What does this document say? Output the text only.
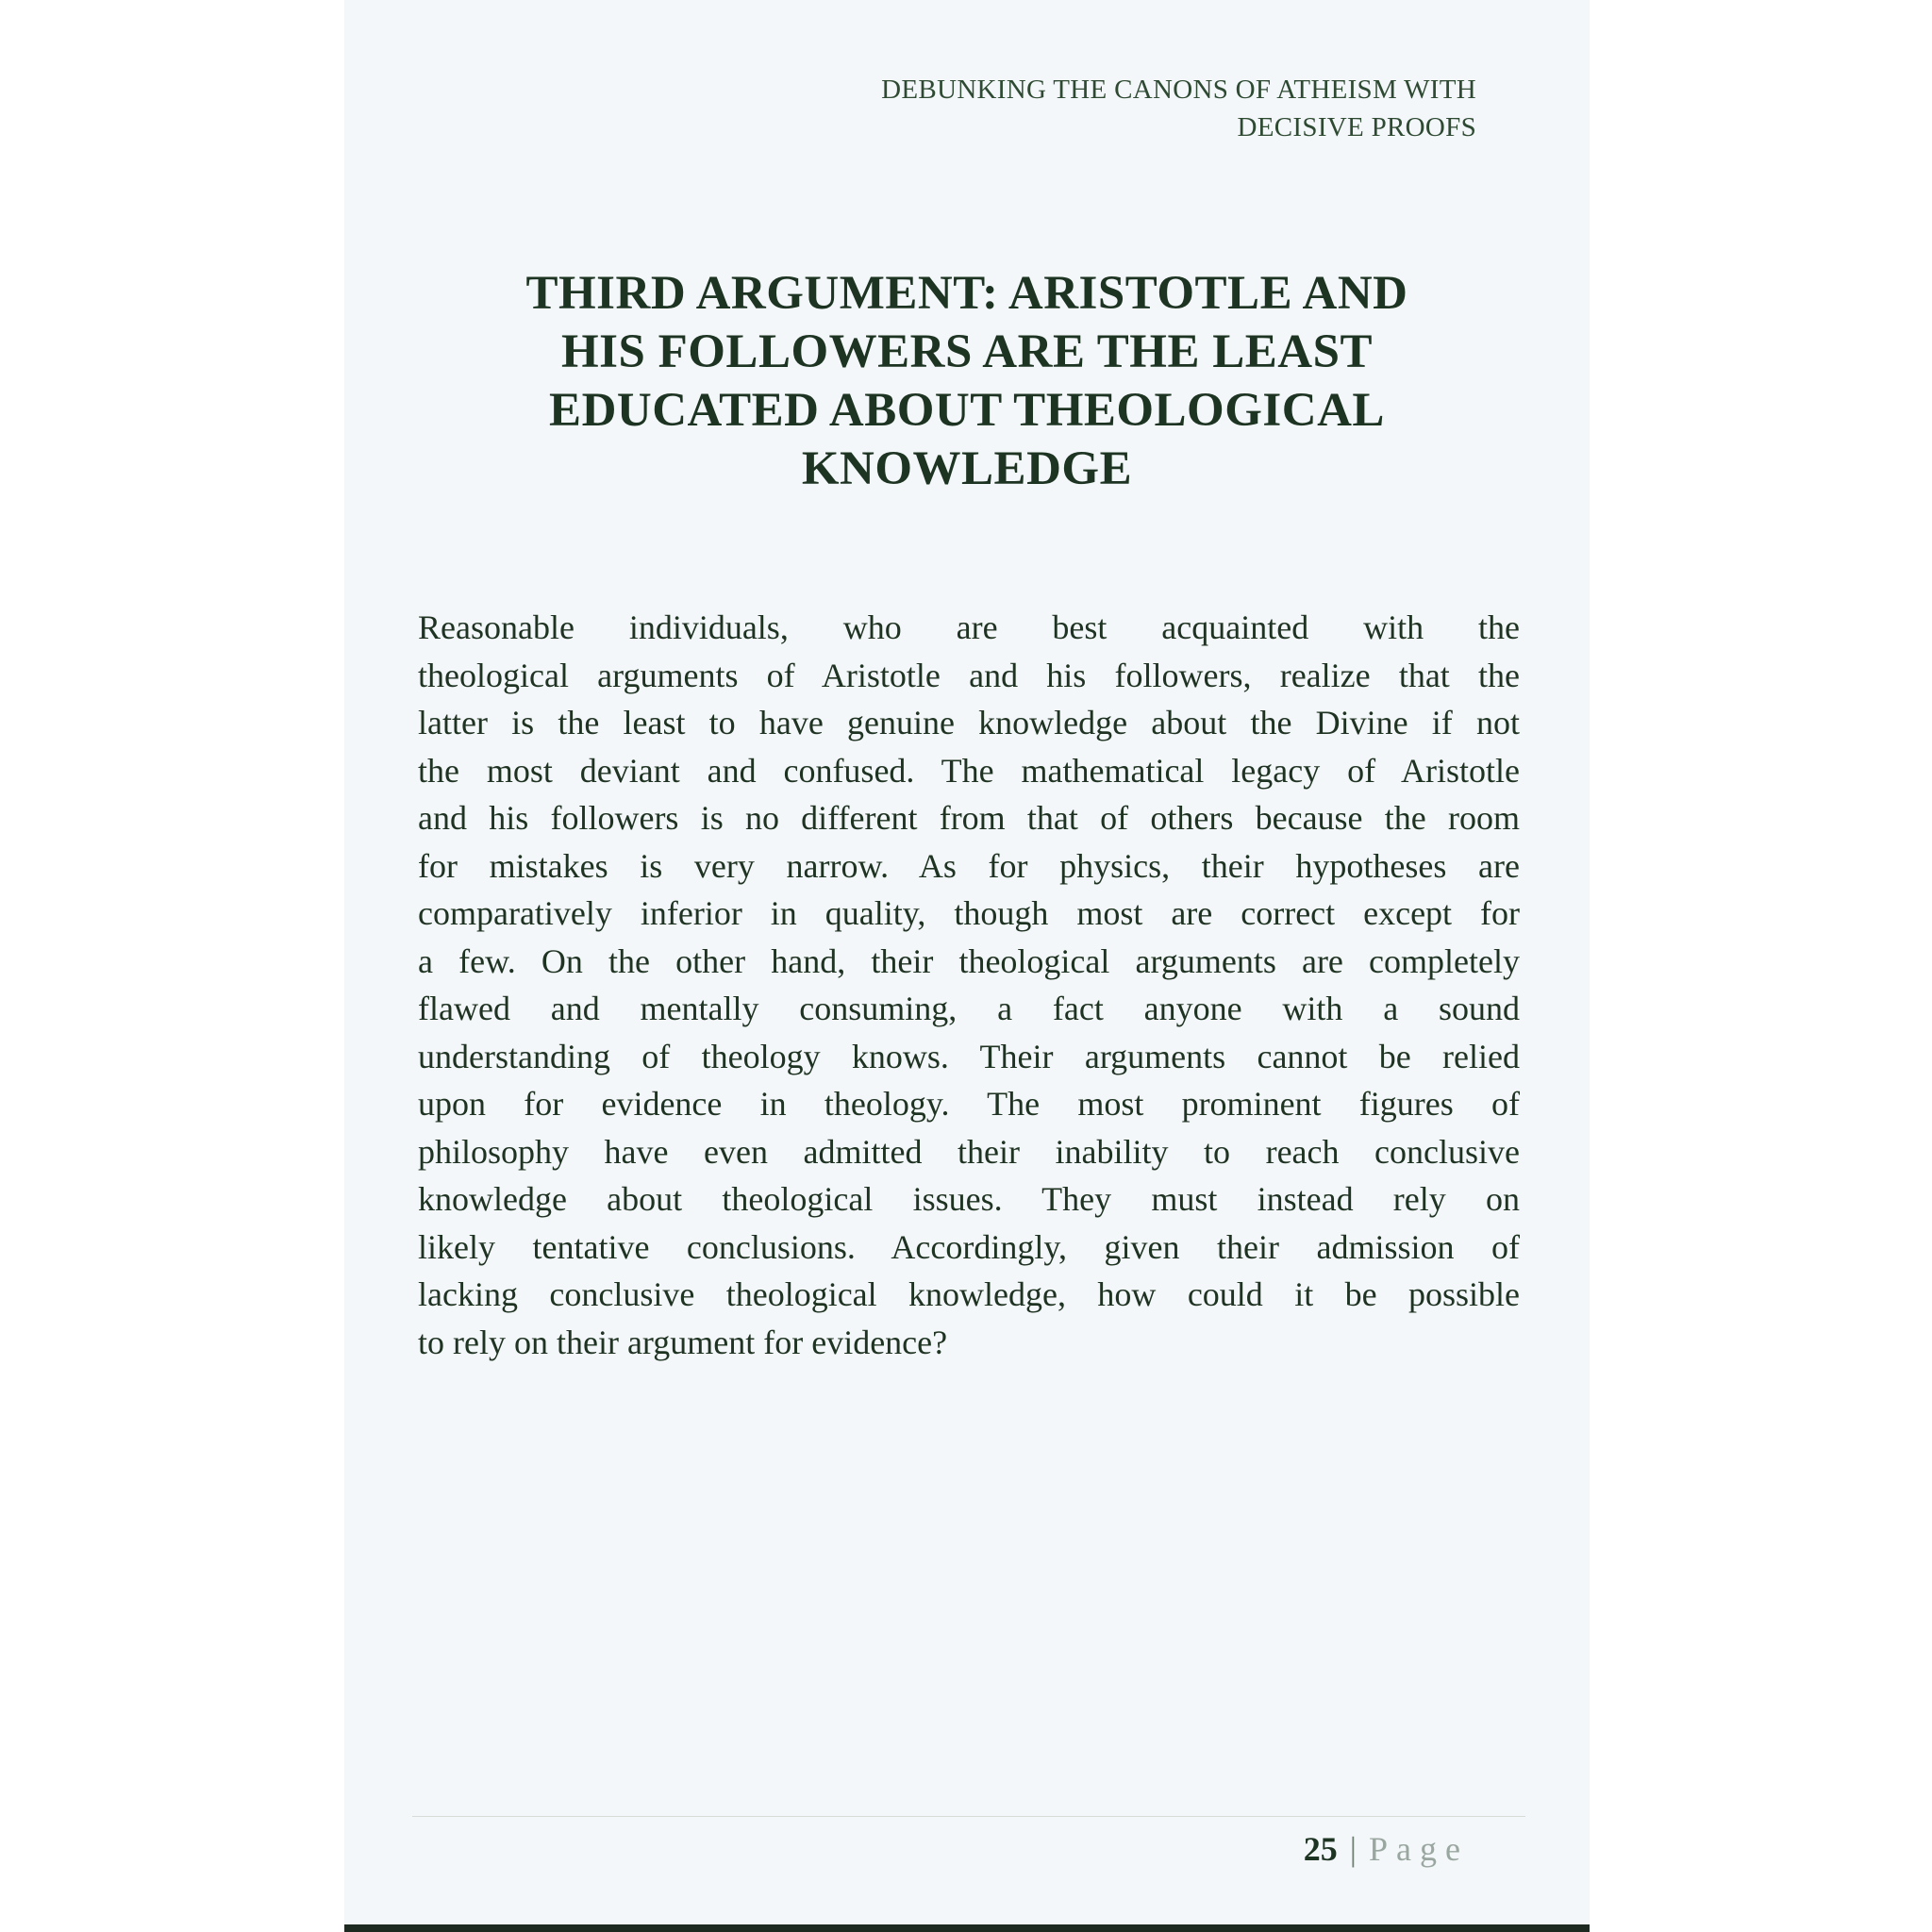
DEBUNKING THE CANONS OF ATHEISM WITH
DECISIVE PROOFS
THIRD ARGUMENT: ARISTOTLE AND
HIS FOLLOWERS ARE THE LEAST
EDUCATED ABOUT THEOLOGICAL
KNOWLEDGE

Reasonable individuals, who are best acquainted with the
theological arguments of Aristotle and his followers, realize that the
latter is the least to have genuine knowledge about the Divine if not
the most deviant and confused. The mathematical legacy of Aristotle
and his followers is no different from that of others because the room
for mistakes is very narrow. As for physics, their hypotheses are
comparatively inferior in quality, though most are correct except for
a few. On the other hand, their theological arguments are completely
flawed and mentally consuming, a fact anyone with a sound
understanding of theology knows. Their arguments cannot be relied
upon for evidence in theology. The most prominent figures of
philosophy have even admitted their inability to reach conclusive
knowledge about theological issues. They must instead rely on
likely tentative conclusions. Accordingly, given their admission of
lacking conclusive theological knowledge, how could it be possible
to rely on their argument for evidence?

25 | Page
